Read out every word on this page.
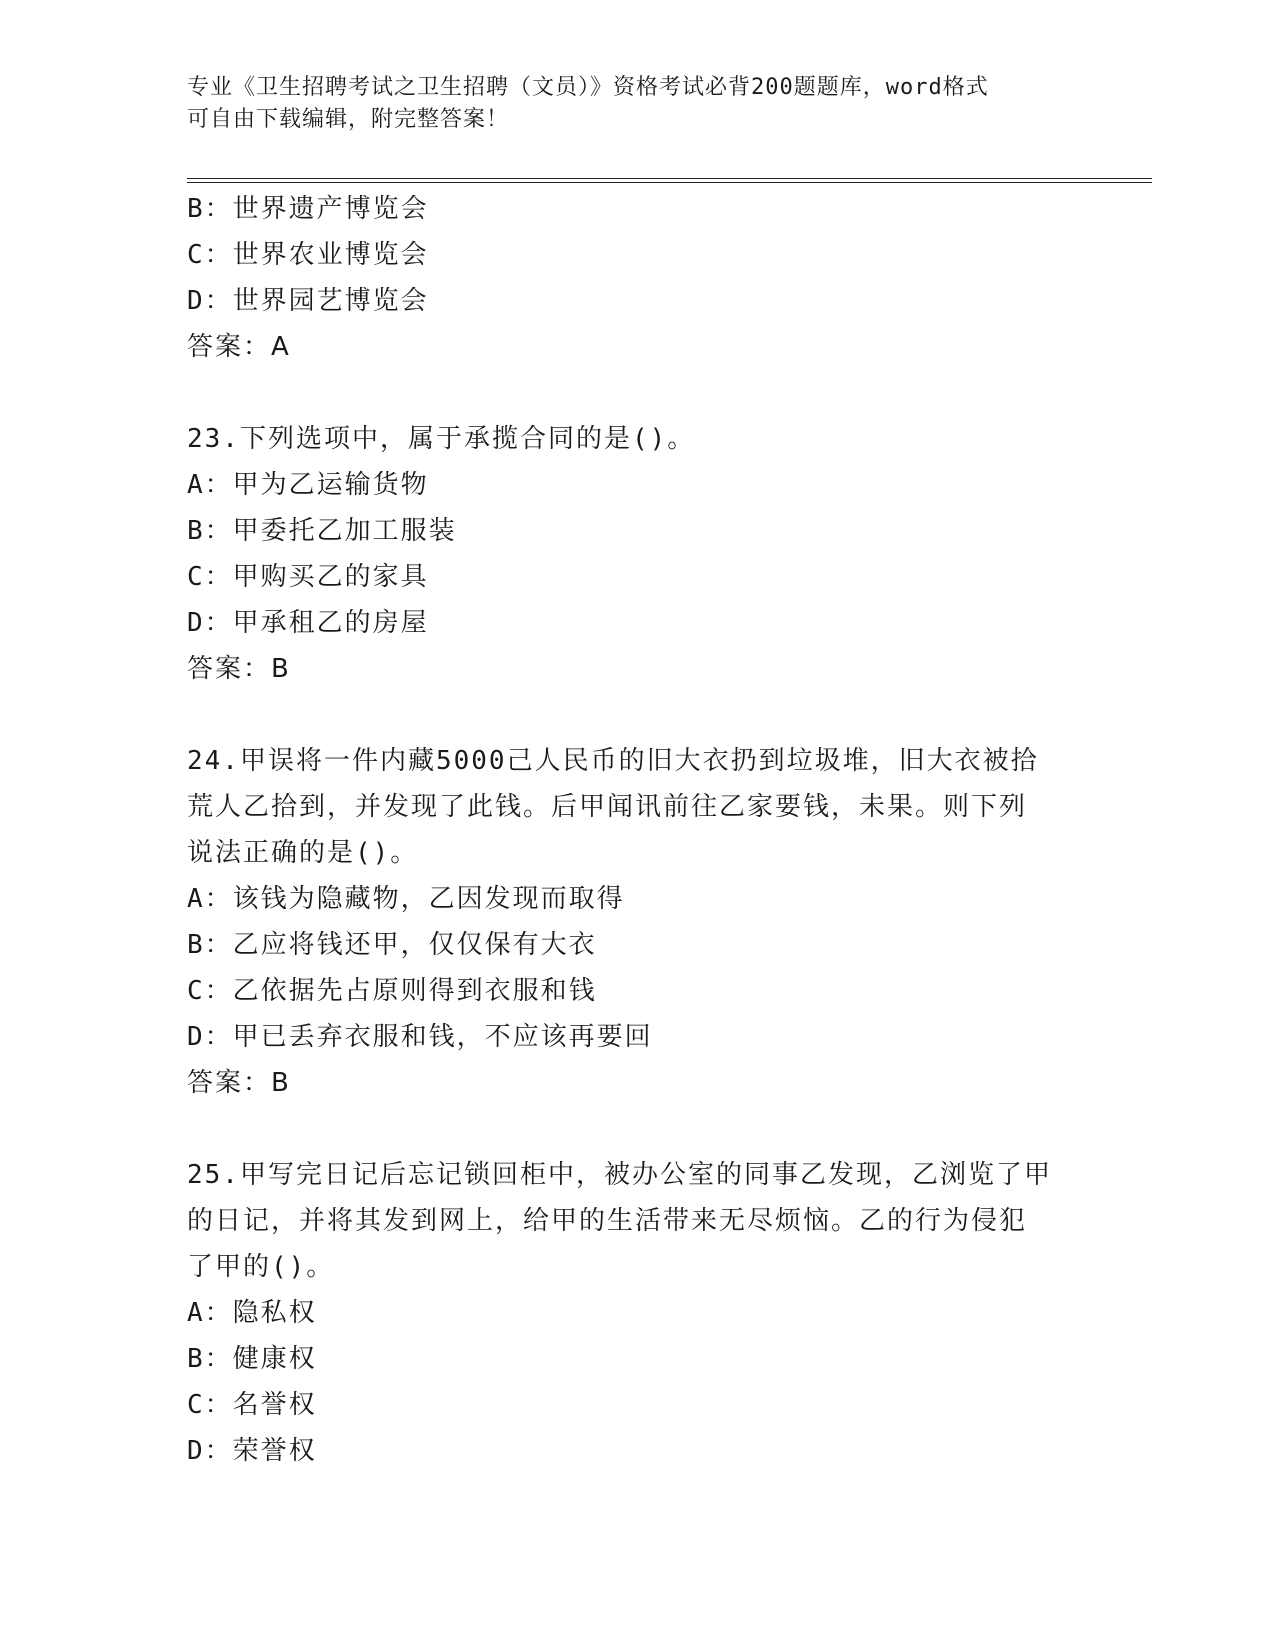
专业《卫生招聘考试之卫生招聘（文员）》资格考试必背200题题库，word格式
可自由下载编辑，附完整答案！
B：世界遗产博览会
C：世界农业博览会
D：世界园艺博览会
答案：A
23.下列选项中，属于承揽合同的是()。
A：甲为乙运输货物
B：甲委托乙加工服装
C：甲购买乙的家具
D：甲承租乙的房屋
答案：B
24.甲误将一件内藏5000己人民币的旧大衣扔到垃圾堆，旧大衣被拾
荒人乙拾到，并发现了此钱。后甲闻讯前往乙家要钱，未果。则下列
说法正确的是()。
A：该钱为隐藏物，乙因发现而取得
B：乙应将钱还甲，仅仅保有大衣
C：乙依据先占原则得到衣服和钱
D：甲已丢弃衣服和钱，不应该再要回
答案：B
25.甲写完日记后忘记锁回柜中，被办公室的同事乙发现，乙浏览了甲
的日记，并将其发到网上，给甲的生活带来无尽烦恼。乙的行为侵犯
了甲的()。
A：隐私权
B：健康权
C：名誉权
D：荣誉权
